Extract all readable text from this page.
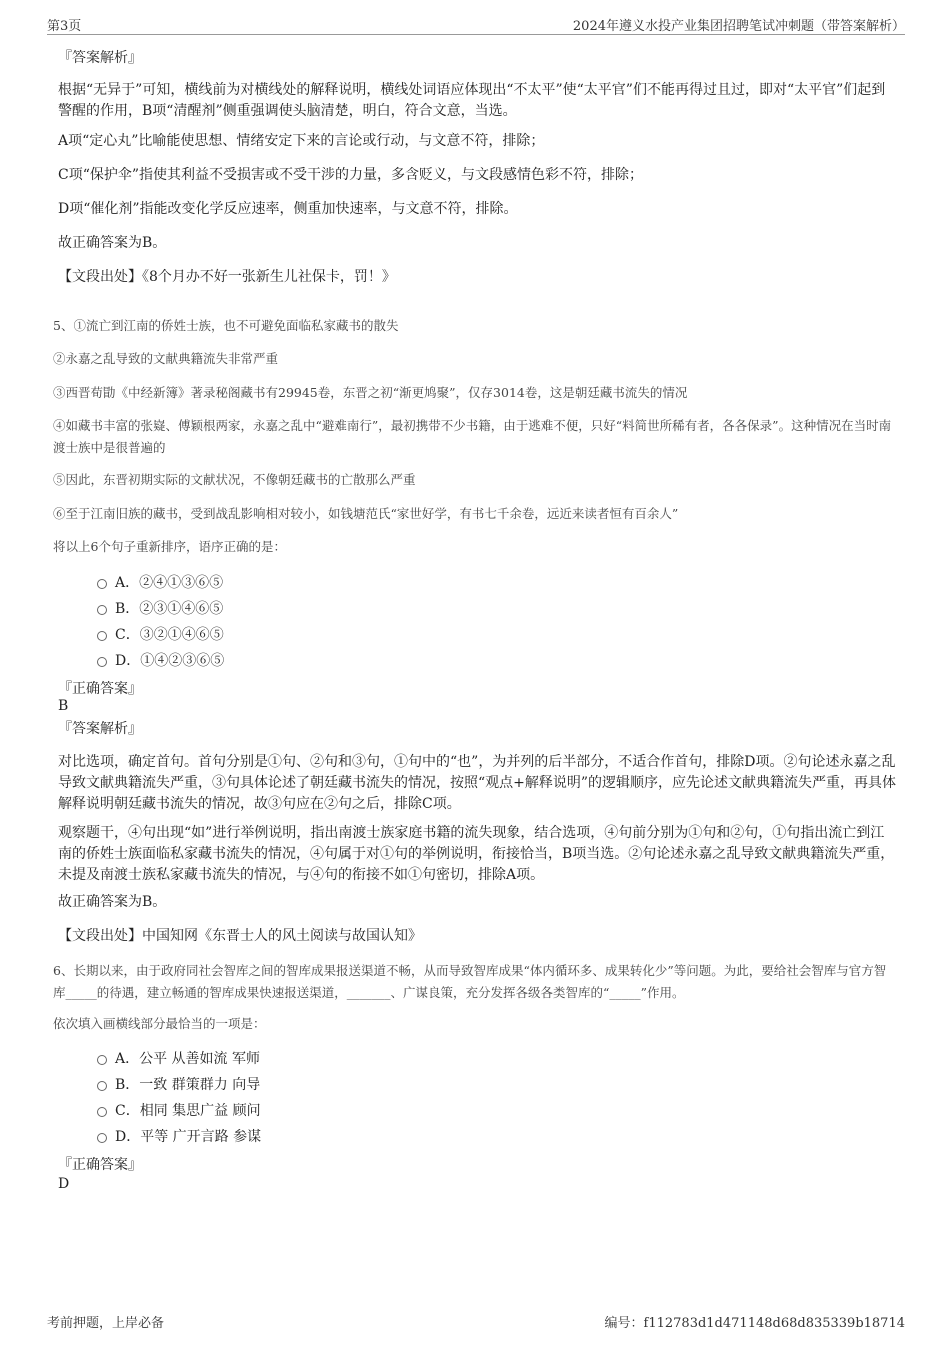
第3页	2024年遵义水投产业集团招聘笔试冲刺题（带答案解析）
『答案解析』

根据“无异于”可知，横线前为对横线处的解释说明，横线处词语应体现出“不太平”使“太平官”们不能再得过且过，即对“太平官”们起到警醒的作用，B项“清醒剂”侧重强调使头脑清楚，明白，符合文意，当选。

A项“定心丸”比喻能使思想、情绪安定下来的言论或行动，与文意不符，排除；

C项“保护伞”指使其利益不受损害或不受干涉的力量，多含贬义，与文段感情色彩不符，排除；

D项“催化剂”指能改变化学反应速率，侧重加快速率，与文意不符，排除。

故正确答案为B。

【文段出处】《8个月办不好一张新生儿社保卡，罚！》

5、①流亡到江南的侨姓士族，也不可避免面临私家藏书的散失

②永嘉之乱导致的文献典籍流失非常严重

③西晋荀勖《中经新簿》著录秘阁藏书有29945卷，东晋之初“渐更鸠聚”，仅存3014卷，这是朝廷藏书流失的情况

④如藏书丰富的张嶷、傅颖根两家，永嘉之乱中“避难南行”，最初携带不少书籍，由于逃难不便，只好“料简世所稀有者，各各保录”。这种情况在当时南渡士族中是很普遍的

⑤因此，东晋初期实际的文献状况，不像朝廷藏书的亡散那么严重

⑥至于江南旧族的藏书，受到战乱影响相对较小，如钱塘范氏“家世好学，有书七千余卷，远近来读者恒有百余人”

将以上6个句子重新排序，语序正确的是：

A．②④①③⑥⑤
B．②③①④⑥⑤
C．③②①④⑥⑤
D．①④②③⑥⑤
『正确答案』
B
『答案解析』

对比选项，确定首句。首句分别是①句、②句和③句，①句中的“也”，为并列的后半部分，不适合作首句，排除D项。②句论述永嘉之乱导致文献典籍流失严重，③句具体论述了朝廷藏书流失的情况，按照“观点+解释说明”的逻辑顺序，应先论述文献典籍流失严重，再具体解释说明朝廷藏书流失的情况，故③句应在②句之后，排除C项。

观察题干，④句出现“如”进行举例说明，指出南渡士族家庭书籍的流失现象，结合选项，④句前分别为①句和②句，①句指出流亡到江南的侨姓士族面临私家藏书流失的情况，④句属于对①句的举例说明，衔接恰当，B项当选。②句论述永嘉之乱导致文献典籍流失严重，未提及南渡士族私家藏书流失的情况，与④句的衔接不如①句密切，排除A项。

故正确答案为B。

【文段出处】中国知网《东晋士人的风土阅读与故国认知》

6、长期以来，由于政府同社会智库之间的智库成果报送渠道不畅，从而导致智库成果“体内循环多、成果转化少”等问题。为此，要给社会智库与官方智库_____的待遇，建立畅通的智库成果快速报送渠道，_______、广谋良策，充分发挥各级各类智库的“_____”作用。

依次填入画横线部分最恰当的一项是：

A．公平 从善如流 军师
B．一致 群策群力 向导
C．相同 集思广益 顾问
D．平等 广开言路 参谋
『正确答案』
D
考前押题，上岸必备	编号：f112783d1d471148d68d835339b18714
